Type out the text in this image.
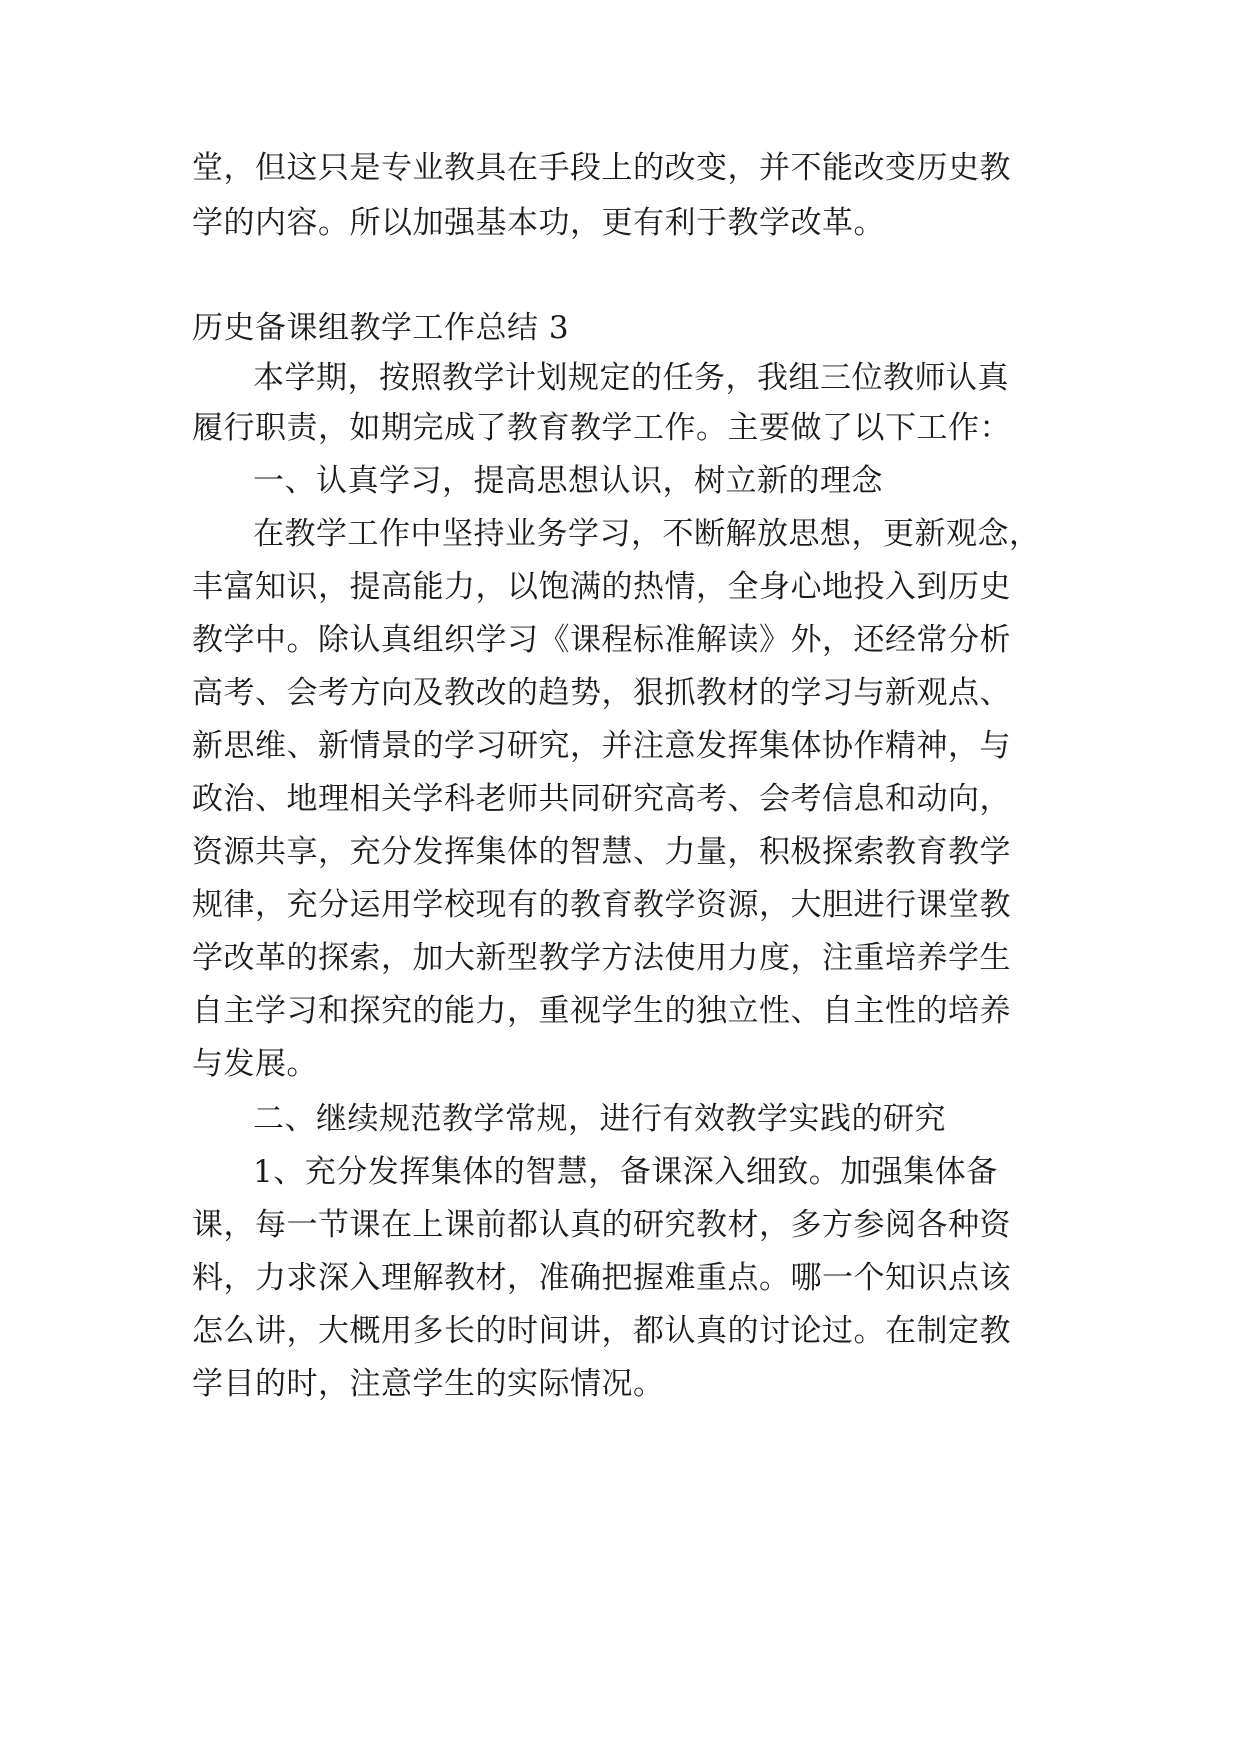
堂，但这只是专业教具在手段上的改变，并不能改变历史教
学的内容。所以加强基本功，更有利于教学改革。
历史备课组教学工作总结 3
本学期，按照教学计划规定的任务，我组三位教师认真
履行职责，如期完成了教育教学工作。主要做了以下工作：
一、认真学习，提高思想认识，树立新的理念
在教学工作中坚持业务学习，不断解放思想，更新观念，
丰富知识，提高能力，以饱满的热情，全身心地投入到历史
教学中。除认真组织学习《课程标准解读》外，还经常分析
高考、会考方向及教改的趋势，狠抓教材的学习与新观点、
新思维、新情景的学习研究，并注意发挥集体协作精神，与
政治、地理相关学科老师共同研究高考、会考信息和动向，
资源共享，充分发挥集体的智慧、力量，积极探索教育教学
规律，充分运用学校现有的教育教学资源，大胆进行课堂教
学改革的探索，加大新型教学方法使用力度，注重培养学生
自主学习和探究的能力，重视学生的独立性、自主性的培养
与发展。
二、继续规范教学常规，进行有效教学实践的研究
1、充分发挥集体的智慧，备课深入细致。加强集体备
课，每一节课在上课前都认真的研究教材，多方参阅各种资
料，力求深入理解教材，准确把握难重点。哪一个知识点该
怎么讲，大概用多长的时间讲，都认真的讨论过。在制定教
学目的时，注意学生的实际情况。
